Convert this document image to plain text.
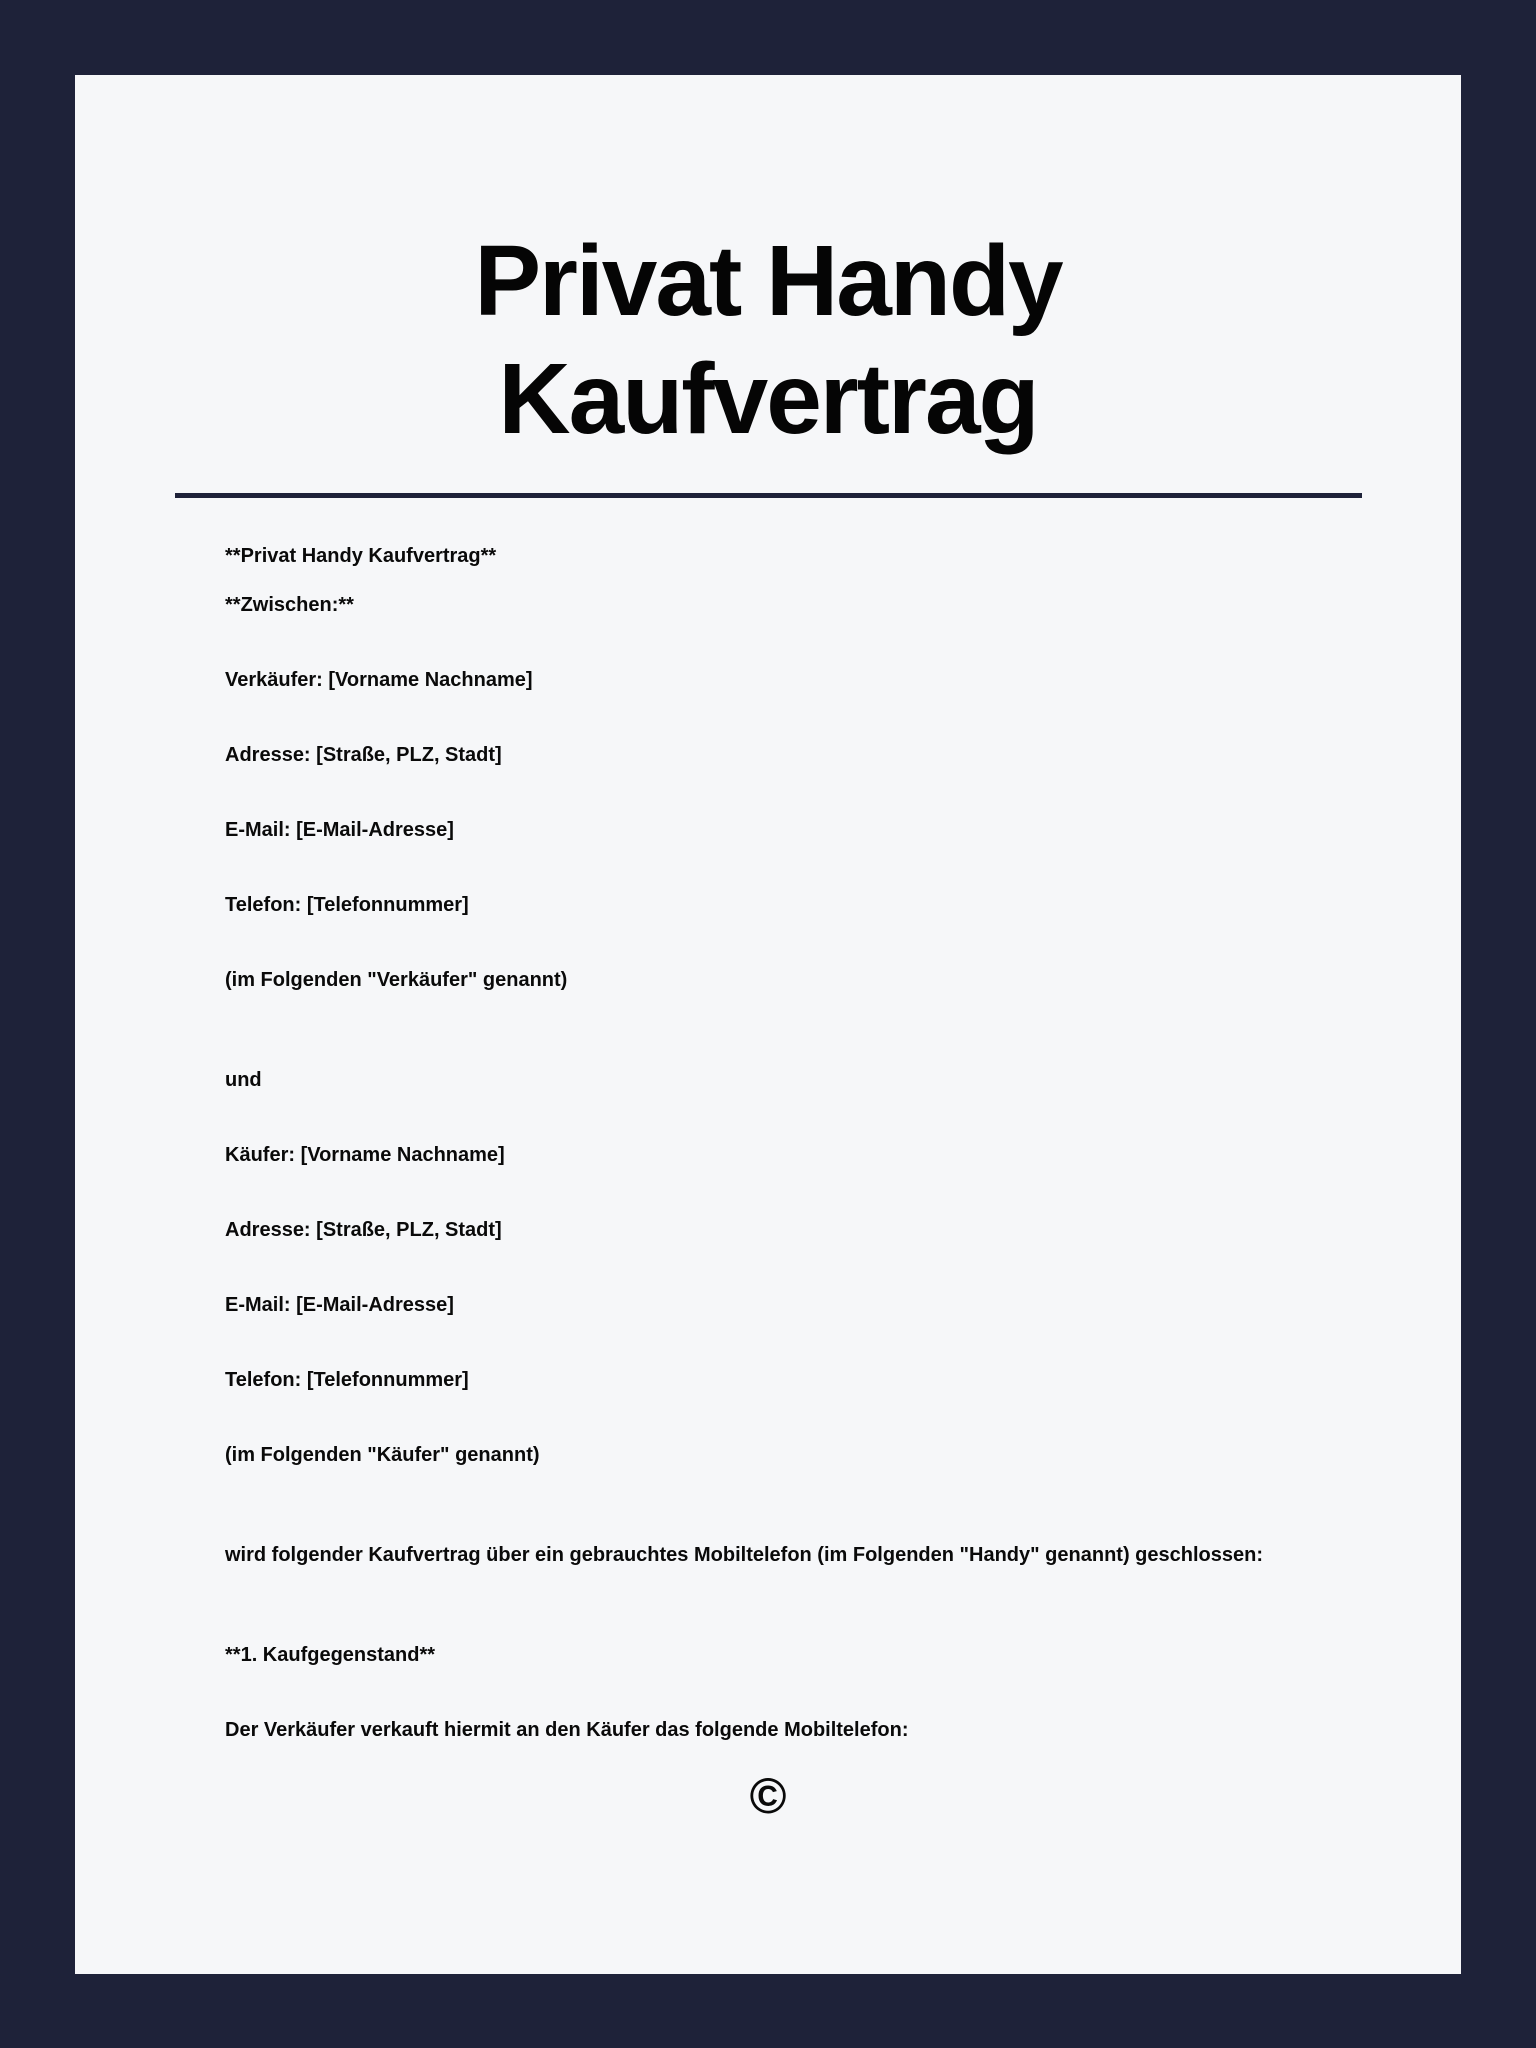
Privat Handy
Kaufvertrag

**Privat Handy Kaufvertrag**

**Zwischen:**

Verkäufer: [Vorname Nachname]

Adresse: [Straße, PLZ, Stadt]

E-Mail: [E-Mail-Adresse]

Telefon: [Telefonnummer]

(im Folgenden "Verkäufer" genannt)

und

Käufer: [Vorname Nachname]

Adresse: [Straße, PLZ, Stadt]

E-Mail: [E-Mail-Adresse]

Telefon: [Telefonnummer]

(im Folgenden "Käufer" genannt)

wird folgender Kaufvertrag über ein gebrauchtes Mobiltelefon (im Folgenden "Handy" genannt) geschlossen:

**1. Kaufgegenstand**

Der Verkäufer verkauft hiermit an den Käufer das folgende Mobiltelefon:

©
